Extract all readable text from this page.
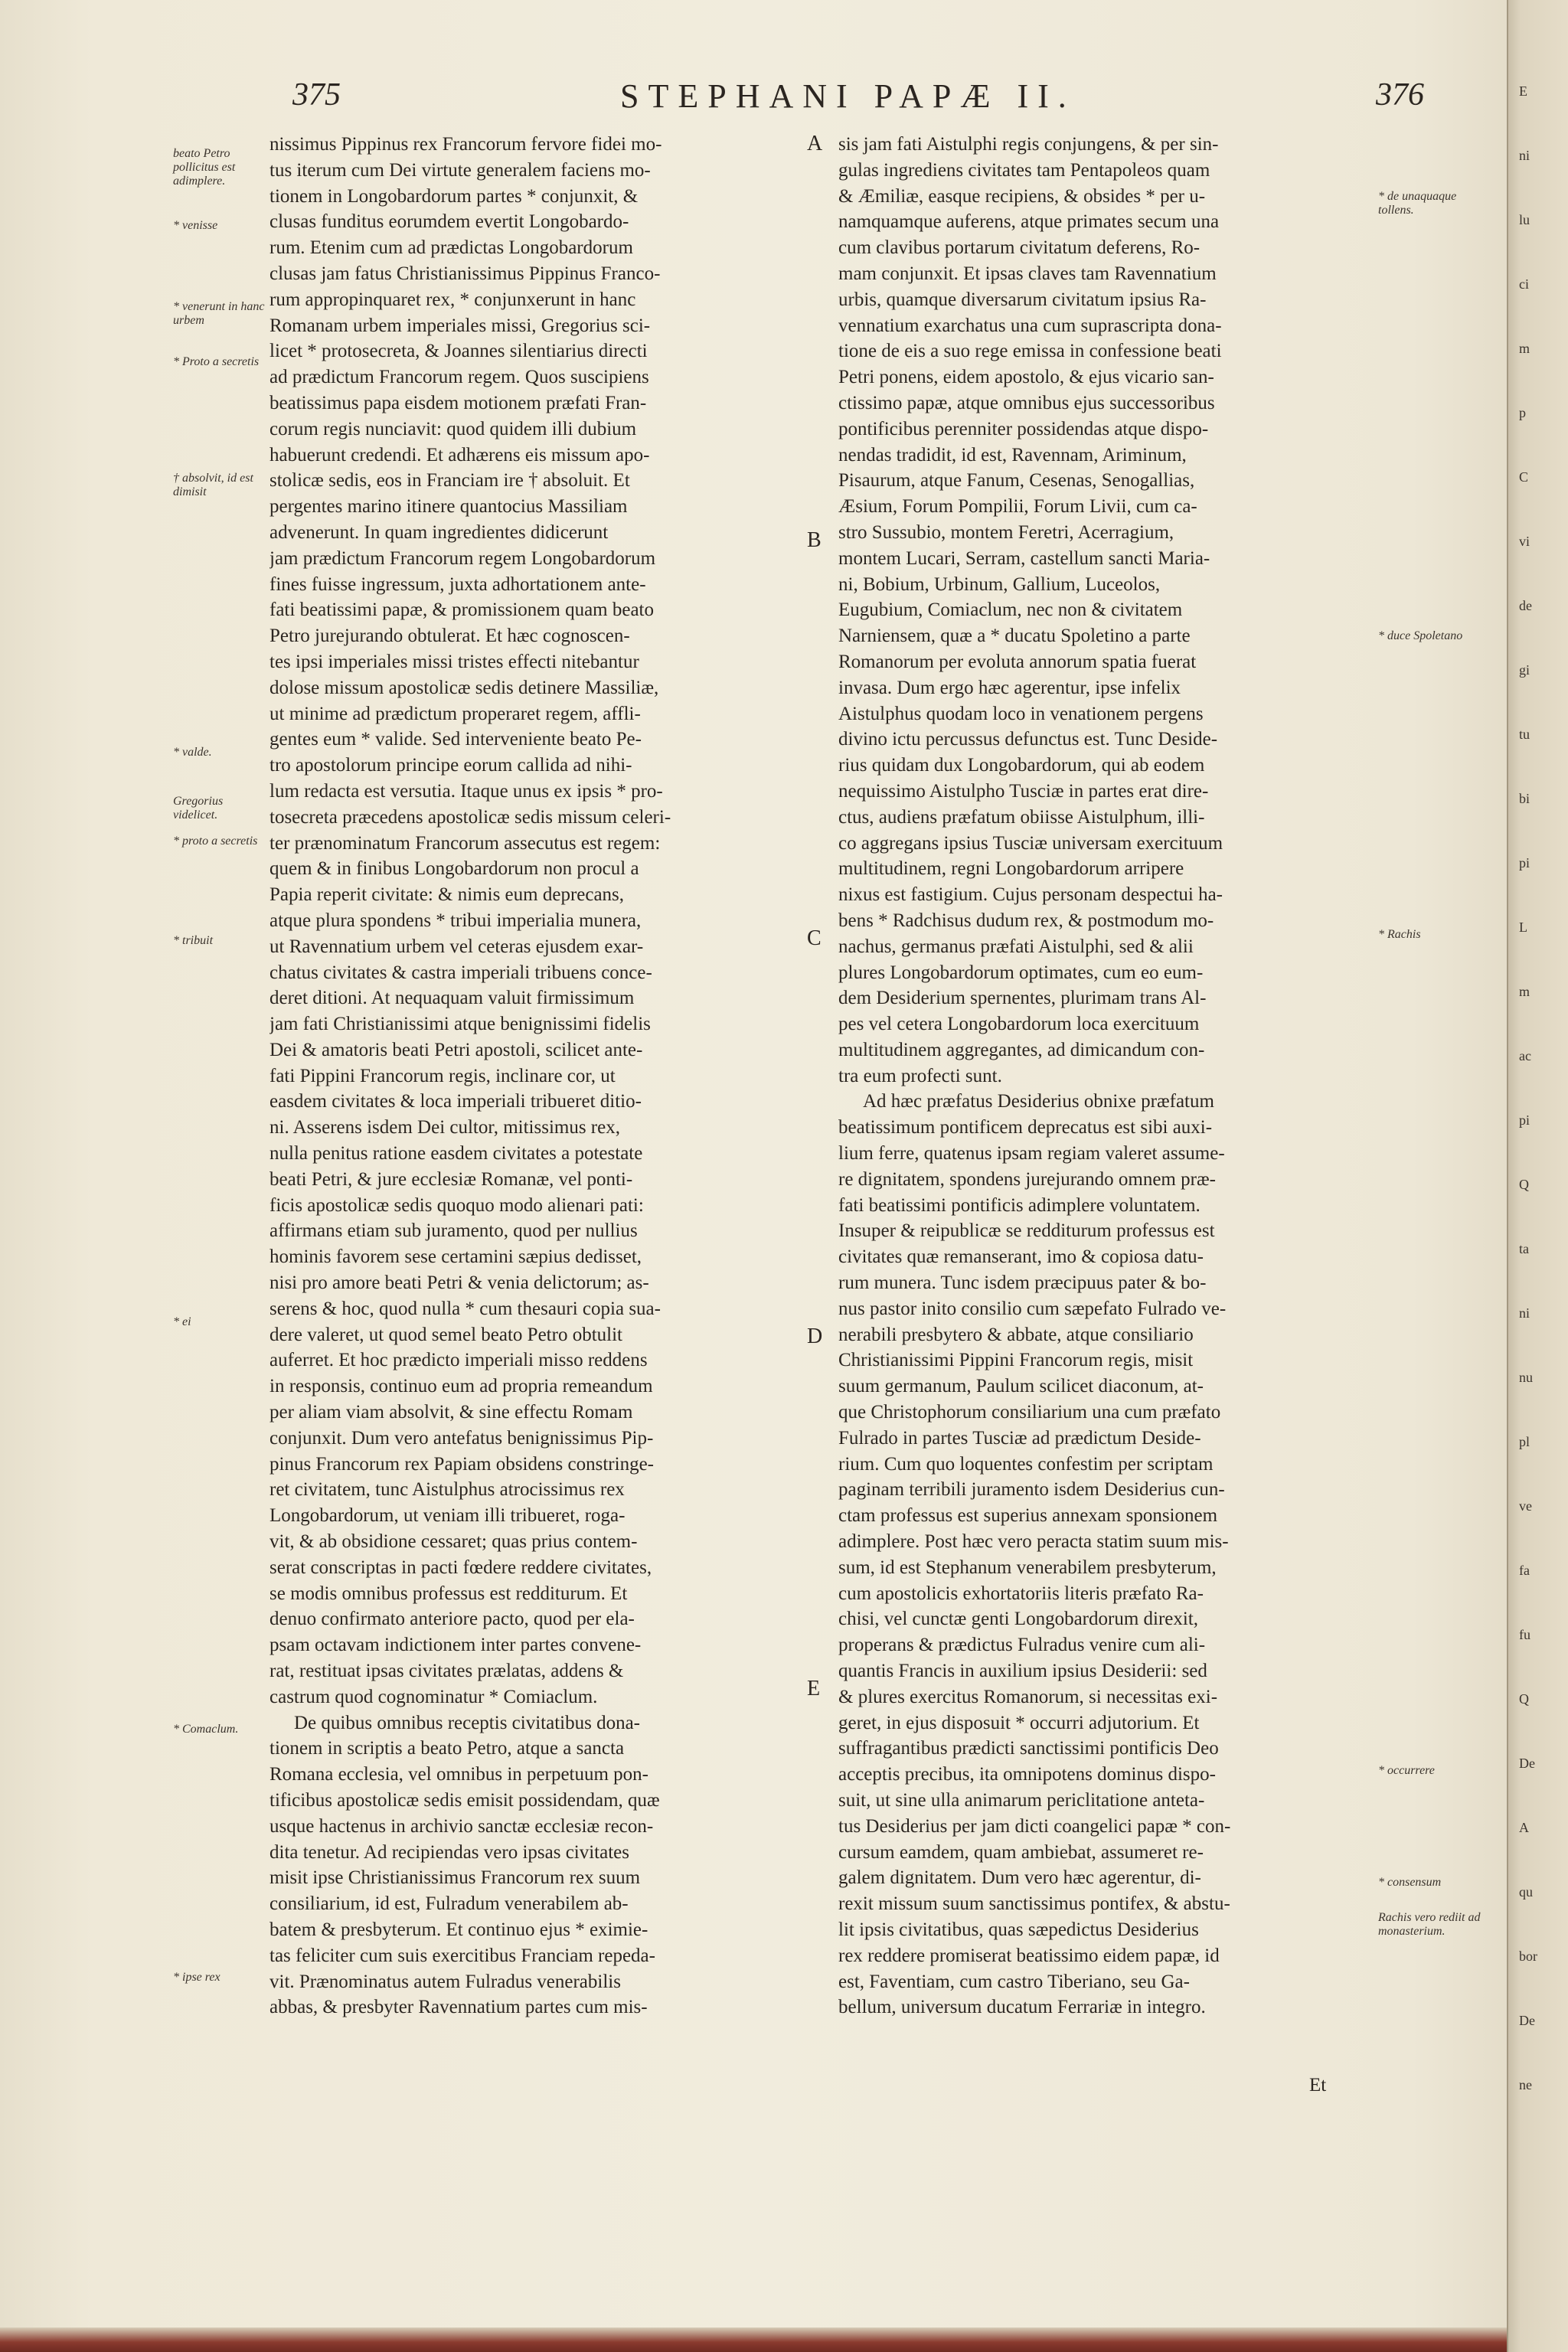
375	STEPHANI PAPÆ II.	376
beato Petro pollicitus est adimplere.
* venisse
* venerunt in hanc urbem
* Proto a secretis
† absolvit, id est dimisit
* valde.
Gregorius videlicet.
* proto a secretis
* tribuit
* ei
* Comaclum.
* ipse rex
* de unaquaque tollens.
* duce Spoletano
* Rachis
* occurrere
* consensum
Rachis vero rediit ad monasterium.
A
B
C
D
E
nissimus Pippinus rex Francorum fervore fidei mo-
tus iterum cum Dei virtute generalem faciens mo-
tionem in Longobardorum partes * conjunxit, &
clusas funditus eorumdem evertit Longobardo-
rum. Etenim cum ad prædictas Longobardorum
clusas jam fatus Christianissimus Pippinus Franco-
rum appropinquaret rex, * conjunxerunt in hanc
Romanam urbem imperiales missi, Gregorius sci-
licet * protosecreta, & Joannes silentiarius directi
ad prædictum Francorum regem. Quos suscipiens
beatissimus papa eisdem motionem præfati Fran-
corum regis nunciavit: quod quidem illi dubium
habuerunt credendi. Et adhærens eis missum apo-
stolicæ sedis, eos in Franciam ire † absoluit. Et
pergentes marino itinere quantocius Massiliam
advenerunt. In quam ingredientes didicerunt
jam prædictum Francorum regem Longobardorum
fines fuisse ingressum, juxta adhortationem ante-
fati beatissimi papæ, & promissionem quam beato
Petro jurejurando obtulerat. Et hæc cognoscen-
tes ipsi imperiales missi tristes effecti nitebantur
dolose missum apostolicæ sedis detinere Massiliæ,
ut minime ad prædictum properaret regem, affli-
gentes eum * valide. Sed interveniente beato Pe-
tro apostolorum principe eorum callida ad nihi-
lum redacta est versutia. Itaque unus ex ipsis * pro-
tosecreta præcedens apostolicæ sedis missum celeri-
ter prænominatum Francorum assecutus est regem:
quem & in finibus Longobardorum non procul a
Papia reperit civitate: & nimis eum deprecans,
atque plura spondens * tribui imperialia munera,
ut Ravennatium urbem vel ceteras ejusdem exar-
chatus civitates & castra imperiali tribuens conce-
deret ditioni. At nequaquam valuit firmissimum
jam fati Christianissimi atque benignissimi fidelis
Dei & amatoris beati Petri apostoli, scilicet ante-
fati Pippini Francorum regis, inclinare cor, ut
easdem civitates & loca imperiali tribueret ditio-
ni. Asserens isdem Dei cultor, mitissimus rex,
nulla penitus ratione easdem civitates a potestate
beati Petri, & jure ecclesiæ Romanæ, vel ponti-
ficis apostolicæ sedis quoquo modo alienari pati:
affirmans etiam sub juramento, quod per nullius
hominis favorem sese certamini sæpius dedisset,
nisi pro amore beati Petri & venia delictorum; as-
serens & hoc, quod nulla * cum thesauri copia sua-
dere valeret, ut quod semel beato Petro obtulit
auferret. Et hoc prædicto imperiali misso reddens
in responsis, continuo eum ad propria remeandum
per aliam viam absolvit, & sine effectu Romam
conjunxit. Dum vero antefatus benignissimus Pip-
pinus Francorum rex Papiam obsidens constringe-
ret civitatem, tunc Aistulphus atrocissimus rex
Longobardorum, ut veniam illi tribueret, roga-
vit, & ab obsidione cessaret; quas prius contem-
serat conscriptas in pacti fœdere reddere civitates,
se modis omnibus professus est redditurum. Et
denuo confirmato anteriore pacto, quod per ela-
psam octavam indictionem inter partes convene-
rat, restituat ipsas civitates prælatas, addens &
castrum quod cognominatur * Comiaclum.
De quibus omnibus receptis civitatibus dona-
tionem in scriptis a beato Petro, atque a sancta
Romana ecclesia, vel omnibus in perpetuum pon-
tificibus apostolicæ sedis emisit possidendam, quæ
usque hactenus in archivio sanctæ ecclesiæ recon-
dita tenetur. Ad recipiendas vero ipsas civitates
misit ipse Christianissimus Francorum rex suum
consiliarium, id est, Fulradum venerabilem ab-
batem & presbyterum. Et continuo ejus * eximie-
tas feliciter cum suis exercitibus Franciam repeda-
vit. Prænominatus autem Fulradus venerabilis
abbas, & presbyter Ravennatium partes cum mis-
sis jam fati Aistulphi regis conjungens, & per sin-
gulas ingrediens civitates tam Pentapoleos quam
& Æmiliæ, easque recipiens, & obsides * per u-
namquamque auferens, atque primates secum una
cum clavibus portarum civitatum deferens, Ro-
mam conjunxit. Et ipsas claves tam Ravennatium
urbis, quamque diversarum civitatum ipsius Ra-
vennatium exarchatus una cum suprascripta dona-
tione de eis a suo rege emissa in confessione beati
Petri ponens, eidem apostolo, & ejus vicario san-
ctissimo papæ, atque omnibus ejus successoribus
pontificibus perenniter possidendas atque dispo-
nendas tradidit, id est, Ravennam, Ariminum,
Pisaurum, atque Fanum, Cesenas, Senogallias,
Æsium, Forum Pompilii, Forum Livii, cum ca-
stro Sussubio, montem Feretri, Acerragium,
montem Lucari, Serram, castellum sancti Maria-
ni, Bobium, Urbinum, Gallium, Luceolos,
Eugubium, Comiaclum, nec non & civitatem
Narniensem, quæ a * ducatu Spoletino a parte
Romanorum per evoluta annorum spatia fuerat
invasa. Dum ergo hæc agerentur, ipse infelix
Aistulphus quodam loco in venationem pergens
divino ictu percussus defunctus est. Tunc Deside-
rius quidam dux Longobardorum, qui ab eodem
nequissimo Aistulpho Tusciæ in partes erat dire-
ctus, audiens præfatum obiisse Aistulphum, illi-
co aggregans ipsius Tusciæ universam exercituum
multitudinem, regni Longobardorum arripere
nixus est fastigium. Cujus personam despectui ha-
bens * Radchisus dudum rex, & postmodum mo-
nachus, germanus præfati Aistulphi, sed & alii
plures Longobardorum optimates, cum eo eum-
dem Desiderium spernentes, plurimam trans Al-
pes vel cetera Longobardorum loca exercituum
multitudinem aggregantes, ad dimicandum con-
tra eum profecti sunt.
Ad hæc præfatus Desiderius obnixe præfatum
beatissimum pontificem deprecatus est sibi auxi-
lium ferre, quatenus ipsam regiam valeret assume-
re dignitatem, spondens jurejurando omnem præ-
fati beatissimi pontificis adimplere voluntatem.
Insuper & reipublicæ se redditurum professus est
civitates quæ remanserant, imo & copiosa datu-
rum munera. Tunc isdem præcipuus pater & bo-
nus pastor inito consilio cum sæpefato Fulrado ve-
nerabili presbytero & abbate, atque consiliario
Christianissimi Pippini Francorum regis, misit
suum germanum, Paulum scilicet diaconum, at-
que Christophorum consiliarium una cum præfato
Fulrado in partes Tusciæ ad prædictum Deside-
rium. Cum quo loquentes confestim per scriptam
paginam terribili juramento isdem Desiderius cun-
ctam professus est superius annexam sponsionem
adimplere. Post hæc vero peracta statim suum mis-
sum, id est Stephanum venerabilem presbyterum,
cum apostolicis exhortatoriis literis præfato Ra-
chisi, vel cunctæ genti Longobardorum direxit,
properans & prædictus Fulradus venire cum ali-
quantis Francis in auxilium ipsius Desiderii: sed
& plures exercitus Romanorum, si necessitas exi-
geret, in ejus disposuit * occurri adjutorium. Et
suffragantibus prædicti sanctissimi pontificis Deo
acceptis precibus, ita omnipotens dominus dispo-
suit, ut sine ulla animarum periclitatione anteta-
tus Desiderius per jam dicti coangelici papæ * con-
cursum eamdem, quam ambiebat, assumeret re-
galem dignitatem. Dum vero hæc agerentur, di-
rexit missum suum sanctissimus pontifex, & abstu-
lit ipsis civitatibus, quas sæpedictus Desiderius
rex reddere promiserat beatissimo eidem papæ, id
est, Faventiam, cum castro Tiberiano, seu Ga-
bellum, universum ducatum Ferrariæ in integro.
Et
E
ni
lu
ci
m
p
C
vi
de
gi
tu
bi
pi
L
m
ac
pi
Q
ta
ni
nu
pl
ve
fa
fu
Q
De
A
qu
bor
De
ne
